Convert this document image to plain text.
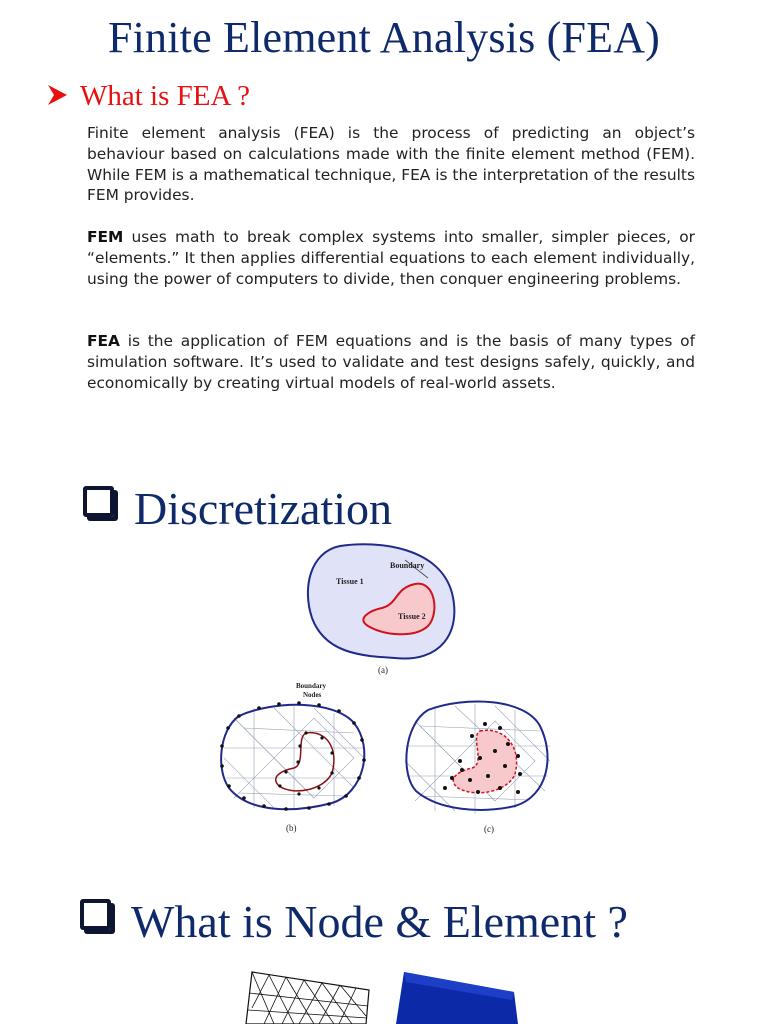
Finite Element Analysis (FEA)
What is FEA ?

Finite element analysis (FEA) is the process of predicting an object’s behaviour based on calculations made with the finite element method (FEM). While FEM is a mathematical technique, FEA is the interpretation of the results FEM provides.

FEM uses math to break complex systems into smaller, simpler pieces, or “elements.” It then applies differential equations to each element individually, using the power of computers to divide, then conquer engineering problems.

FEA is the application of FEM equations and is the basis of many types of simulation software. It’s used to validate and test designs safely, quickly, and economically by creating virtual models of real-world assets.

Discretization
Boundary
Tissue 1
Tissue 2
(a)
Boundary
Nodes
(b)	(c)
What is Node & Element ?
